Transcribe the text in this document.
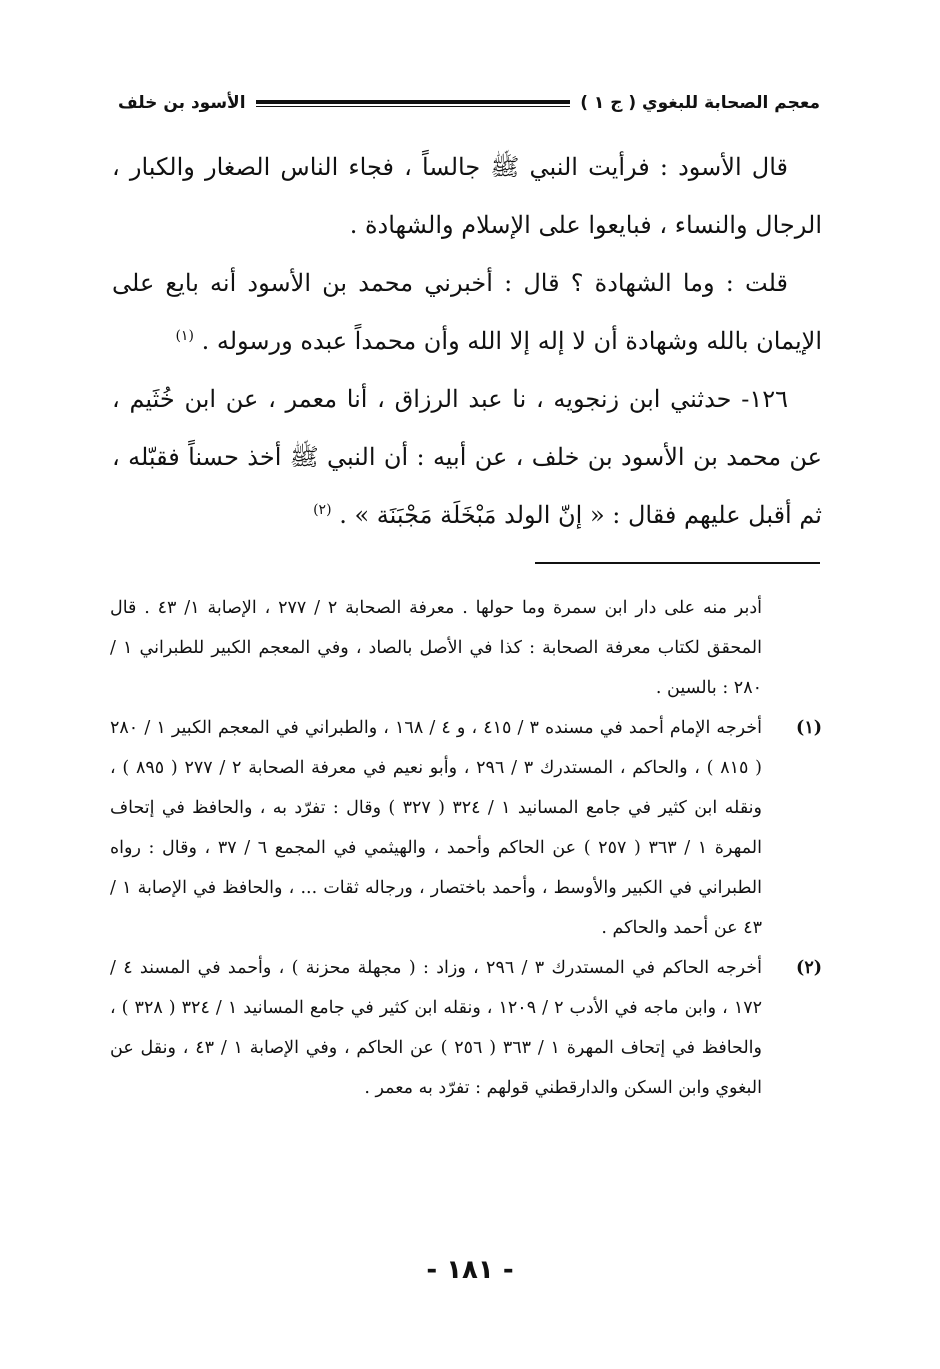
معجم الصحابة للبغوي ( ج ١ )
الأسود بن خلف

قال الأسود : فرأيت النبي ﷺ جالساً ، فجاء الناس الصغار والكبار ، الرجال والنساء ، فبايعوا على الإسلام والشهادة .

قلت : وما الشهادة ؟ قال : أخبرني محمد بن الأسود أنه بايع على الإيمان بالله وشهادة أن لا إله إلا الله وأن محمداً عبده ورسوله . $^{(١)}$

١٢٦- حدثني ابن زنجويه ، نا عبد الرزاق ، أنا معمر ، عن ابن خُثَيم ، عن محمد بن الأسود بن خلف ، عن أبيه : أن النبي ﷺ أخذ حسناً فقبّله ، ثم أقبل عليهم فقال : « إنّ الولد مَبْخَلَة مَجْبَنَة » . $^{(٢)}$

أدبر منه على دار ابن سمرة وما حولها . معرفة الصحابة ٢ / ٢٧٧ ، الإصابة ١/ ٤٣ . قال المحقق لكتاب معرفة الصحابة : كذا في الأصل بالصاد ، وفي المعجم الكبير للطبراني ١ / ٢٨٠ : بالسين .

(١)
أخرجه الإمام أحمد في مسنده ٣ / ٤١٥ ، و ٤ / ١٦٨ ، والطبراني في المعجم الكبير ١ / ٢٨٠ ( ٨١٥ ) ، والحاكم ، المستدرك ٣ / ٢٩٦ ، وأبو نعيم في معرفة الصحابة ٢ / ٢٧٧ ( ٨٩٥ ) ، ونقله ابن كثير في جامع المسانيد ١ / ٣٢٤ ( ٣٢٧ ) وقال : تفرّد به ، والحافظ في إتحاف المهرة ١ / ٣٦٣ ( ٢٥٧ ) عن الحاكم وأحمد ، والهيثمي في المجمع ٦ / ٣٧ ، وقال : رواه الطبراني في الكبير والأوسط ، وأحمد باختصار ، ورجاله ثقات ... ، والحافظ في الإصابة ١ / ٤٣ عن أحمد والحاكم .
(٢)
أخرجه الحاكم في المستدرك ٣ / ٢٩٦ ، وزاد : ( مجهلة محزنة ) ، وأحمد في المسند ٤ / ١٧٢ ، وابن ماجه في الأدب ٢ / ١٢٠٩ ، ونقله ابن كثير في جامع المسانيد ١ / ٣٢٤ ( ٣٢٨ ) ، والحافظ في إتحاف المهرة ١ / ٣٦٣ ( ٢٥٦ ) عن الحاكم ، وفي الإصابة ١ / ٤٣ ، ونقل عن البغوي وابن السكن والدارقطني قولهم : تفرّد به معمر .
- ١٨١ -
